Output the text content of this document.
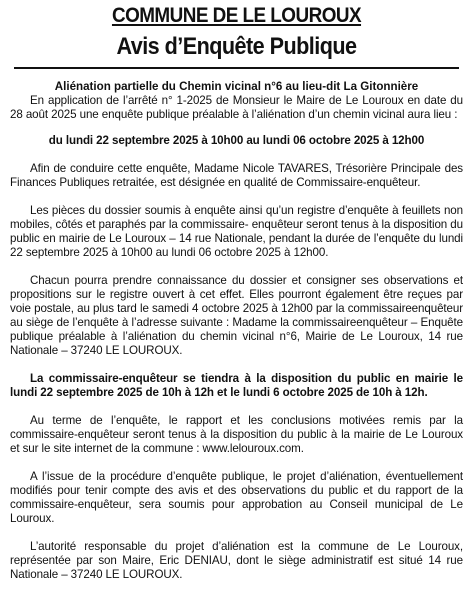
COMMUNE DE LE LOUROUX
Avis d’Enquête Publique
Aliénation partielle du Chemin vicinal n°6 au lieu-dit La Gitonnière

En application de l’arrêté n° 1-2025 de Monsieur le Maire de Le Louroux en date du 28 août 2025 une enquête publique préalable à l’aliénation d’un chemin vicinal aura lieu :

du lundi 22 septembre 2025 à 10h00 au lundi 06 octobre 2025 à 12h00

Afin de conduire cette enquête, Madame Nicole TAVARES, Trésorière Principale des Finances Publiques retraitée, est désignée en qualité de Commissaire-enquêteur.

Les pièces du dossier soumis à enquête ainsi qu’un registre d’enquête à feuillets non mobiles, côtés et paraphés par la commissaire- enquêteur seront tenus à la disposition du public en mairie de Le Louroux – 14 rue Nationale, pendant la durée de l’enquête du lundi 22 septembre 2025 à 10h00 au lundi 06 octobre 2025 à 12h00.

Chacun pourra prendre connaissance du dossier et consigner ses observations et propositions sur le registre ouvert à cet effet. Elles pourront également être reçues par voie postale, au plus tard le samedi 4 octobre 2025 à 12h00 par la commissaireenquêteur au siège de l’enquête à l’adresse suivante : Madame la commissaireenquêteur – Enquête publique préalable à l’aliénation du chemin vicinal n°6, Mairie de Le Louroux, 14 rue Nationale – 37240 LE LOUROUX.

La commissaire-enquêteur se tiendra à la disposition du public en mairie le lundi 22 septembre 2025 de 10h à 12h et le lundi 6 octobre 2025 de 10h à 12h.

Au terme de l’enquête, le rapport et les conclusions motivées remis par la commissaire-enquêteur seront tenus à la disposition du public à la mairie de Le Louroux et sur le site internet de la commune : www.lelouroux.com.

A l’issue de la procédure d’enquête publique, le projet d’aliénation, éventuellement modifiés pour tenir compte des avis et des observations du public et du rapport de la commissaire-enquêteur, sera soumis pour approbation au Conseil municipal de Le Louroux.

L’autorité responsable du projet d’aliénation est la commune de Le Louroux, représentée par son Maire, Eric DENIAU, dont le siège administratif est situé 14 rue Nationale – 37240 LE LOUROUX.
